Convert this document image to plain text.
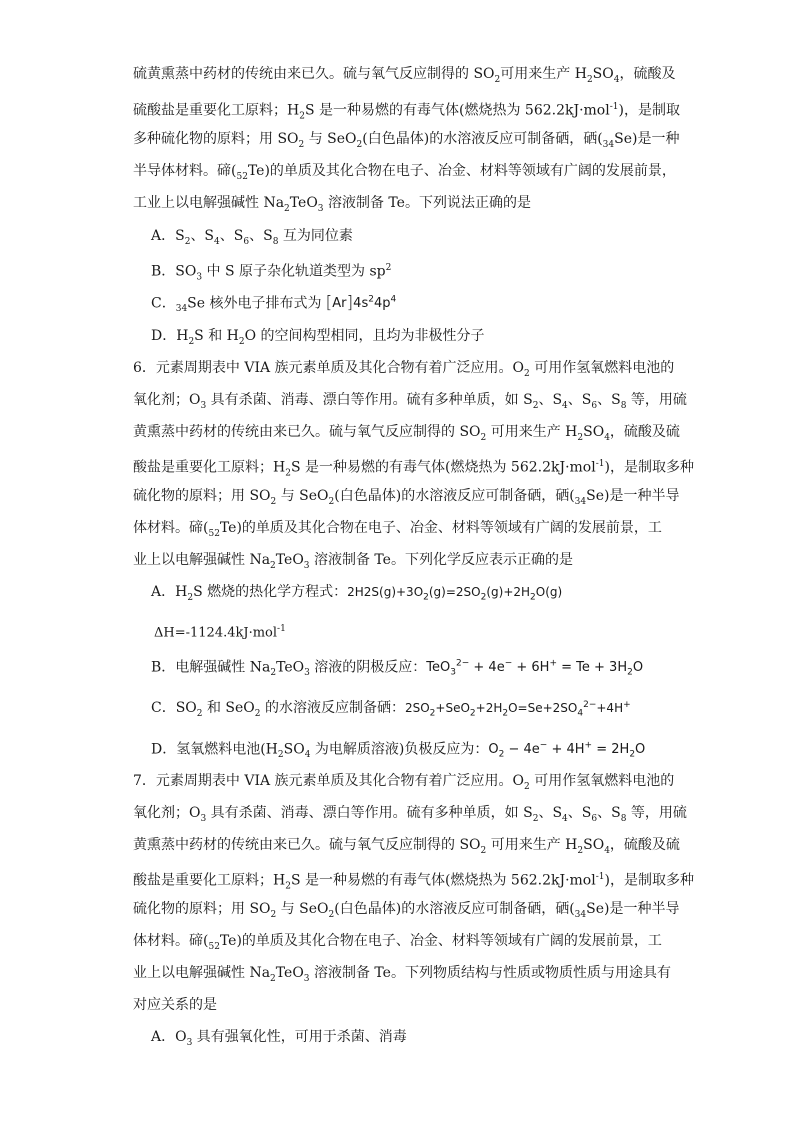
硫黄熏蒸中药材的传统由来已久。硫与氧气反应制得的 $SO_2$可用来生产 $H_2SO_4$，硫酸及
硫酸盐是重要化工原料；$H_2S$ 是一种易燃的有毒气体(燃烧热为 562.2kJ·mol$^{-1}$)，是制取
多种硫化物的原料；用 $SO_2$ 与 SeO$_2$(白色晶体)的水溶液反应可制备硒，硒$(_{34}Se)$是一种
半导体材料。碲$(_{52}Te)$的单质及其化合物在电子、冶金、材料等领域有广阔的发展前景，
工业上以电解强碱性 $Na_2TeO_3$ 溶液制备 Te。下列说法正确的是
A．$S_2$、$S_4$、$S_6$、$S_8$ 互为同位素
B．$SO_3$ 中 S 原子杂化轨道类型为 $sp^2$
C．$_{34}$Se 核外电子排布式为 $[Ar]4s^24p^4$
D．$H_2S$ 和 $H_2O$ 的空间构型相同，且均为非极性分子
6．元素周期表中 VIA 族元素单质及其化合物有着广泛应用。$O_2$ 可用作氢氧燃料电池的
氧化剂；$O_3$ 具有杀菌、消毒、漂白等作用。硫有多种单质，如 $S_2$、$S_4$、$S_6$、$S_8$ 等，用硫
黄熏蒸中药材的传统由来已久。硫与氧气反应制得的 $SO_2$ 可用来生产 $H_2SO_4$，硫酸及硫
酸盐是重要化工原料；$H_2S$ 是一种易燃的有毒气体(燃烧热为 562.2kJ·mol$^{-1}$)，是制取多种
硫化物的原料；用 $SO_2$ 与 SeO$_2$(白色晶体)的水溶液反应可制备硒，硒$(_{34}Se)$是一种半导
体材料。碲$(_{52}Te)$的单质及其化合物在电子、冶金、材料等领域有广阔的发展前景，工
业上以电解强碱性 $Na_2TeO_3$ 溶液制备 Te。下列化学反应表示正确的是
A．$H_2S$ 燃烧的热化学方程式：$2H2S(g)+3O_2(g)=2SO_2(g)+2H_2O(g)$
ΔH=-1124.4kJ·mol$^{-1}$
B．电解强碱性 $Na_2TeO_3$ 溶液的阴极反应：$TeO_3^{2-} + 4e^- + 6H^+ = Te + 3H_2O$
C．$SO_2$ 和 SeO$_2$ 的水溶液反应制备硒：$2SO_2+SeO_2+2H_2O=Se+2SO_4^{2-}+4H^+$
D．氢氧燃料电池($H_2SO_4$ 为电解质溶液)负极反应为：$O_2 - 4e^- + 4H^+ = 2H_2O$
7．元素周期表中 VIA 族元素单质及其化合物有着广泛应用。$O_2$ 可用作氢氧燃料电池的
氧化剂；$O_3$ 具有杀菌、消毒、漂白等作用。硫有多种单质，如 $S_2$、$S_4$、$S_6$、$S_8$ 等，用硫
黄熏蒸中药材的传统由来已久。硫与氧气反应制得的 $SO_2$ 可用来生产 $H_2SO_4$，硫酸及硫
酸盐是重要化工原料；$H_2S$ 是一种易燃的有毒气体(燃烧热为 562.2kJ·mol$^{-1}$)，是制取多种
硫化物的原料；用 $SO_2$ 与 SeO$_2$(白色晶体)的水溶液反应可制备硒，硒$(_{34}Se)$是一种半导
体材料。碲$(_{52}Te)$的单质及其化合物在电子、冶金、材料等领域有广阔的发展前景，工
业上以电解强碱性 $Na_2TeO_3$ 溶液制备 Te。下列物质结构与性质或物质性质与用途具有
对应关系的是
A．$O_3$ 具有强氧化性，可用于杀菌、消毒
